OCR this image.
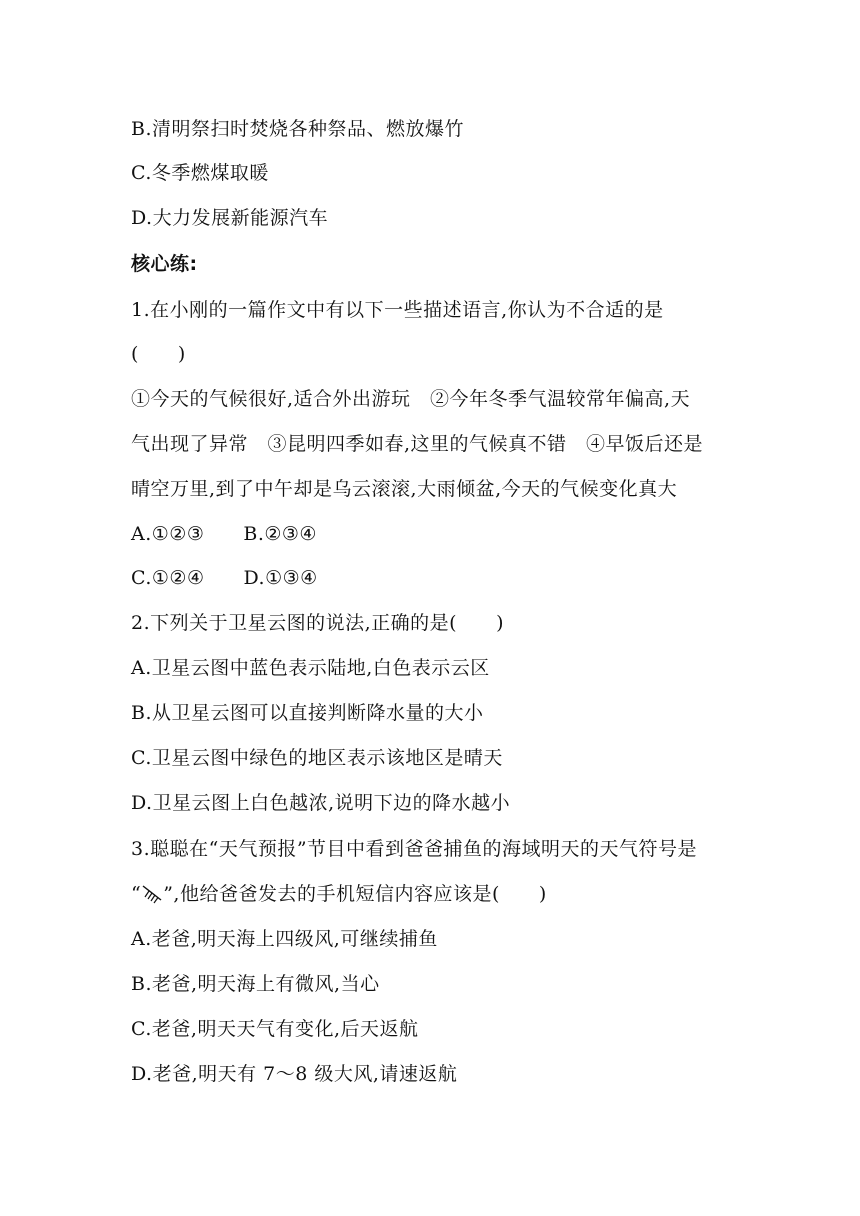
B.清明祭扫时焚烧各种祭品、燃放爆竹
C.冬季燃煤取暖
D.大力发展新能源汽车
核心练:
1.在小刚的一篇作文中有以下一些描述语言,你认为不合适的是
(　　)
①今天的气候很好,适合外出游玩　②今年冬季气温较常年偏高,天
气出现了异常　③昆明四季如春,这里的气候真不错　④早饭后还是
晴空万里,到了中午却是乌云滚滚,大雨倾盆,今天的气候变化真大
A.①②③　　B.②③④
C.①②④　　D.①③④
2.下列关于卫星云图的说法,正确的是(　　)
A.卫星云图中蓝色表示陆地,白色表示云区
B.从卫星云图可以直接判断降水量的大小
C.卫星云图中绿色的地区表示该地区是晴天
D.卫星云图上白色越浓,说明下边的降水越小
3.聪聪在“天气预报”节目中看到爸爸捕鱼的海域明天的天气符号是
“ ”,他给爸爸发去的手机短信内容应该是(　　)
A.老爸,明天海上四级风,可继续捕鱼
B.老爸,明天海上有微风,当心
C.老爸,明天天气有变化,后天返航
D.老爸,明天有 7～8 级大风,请速返航
